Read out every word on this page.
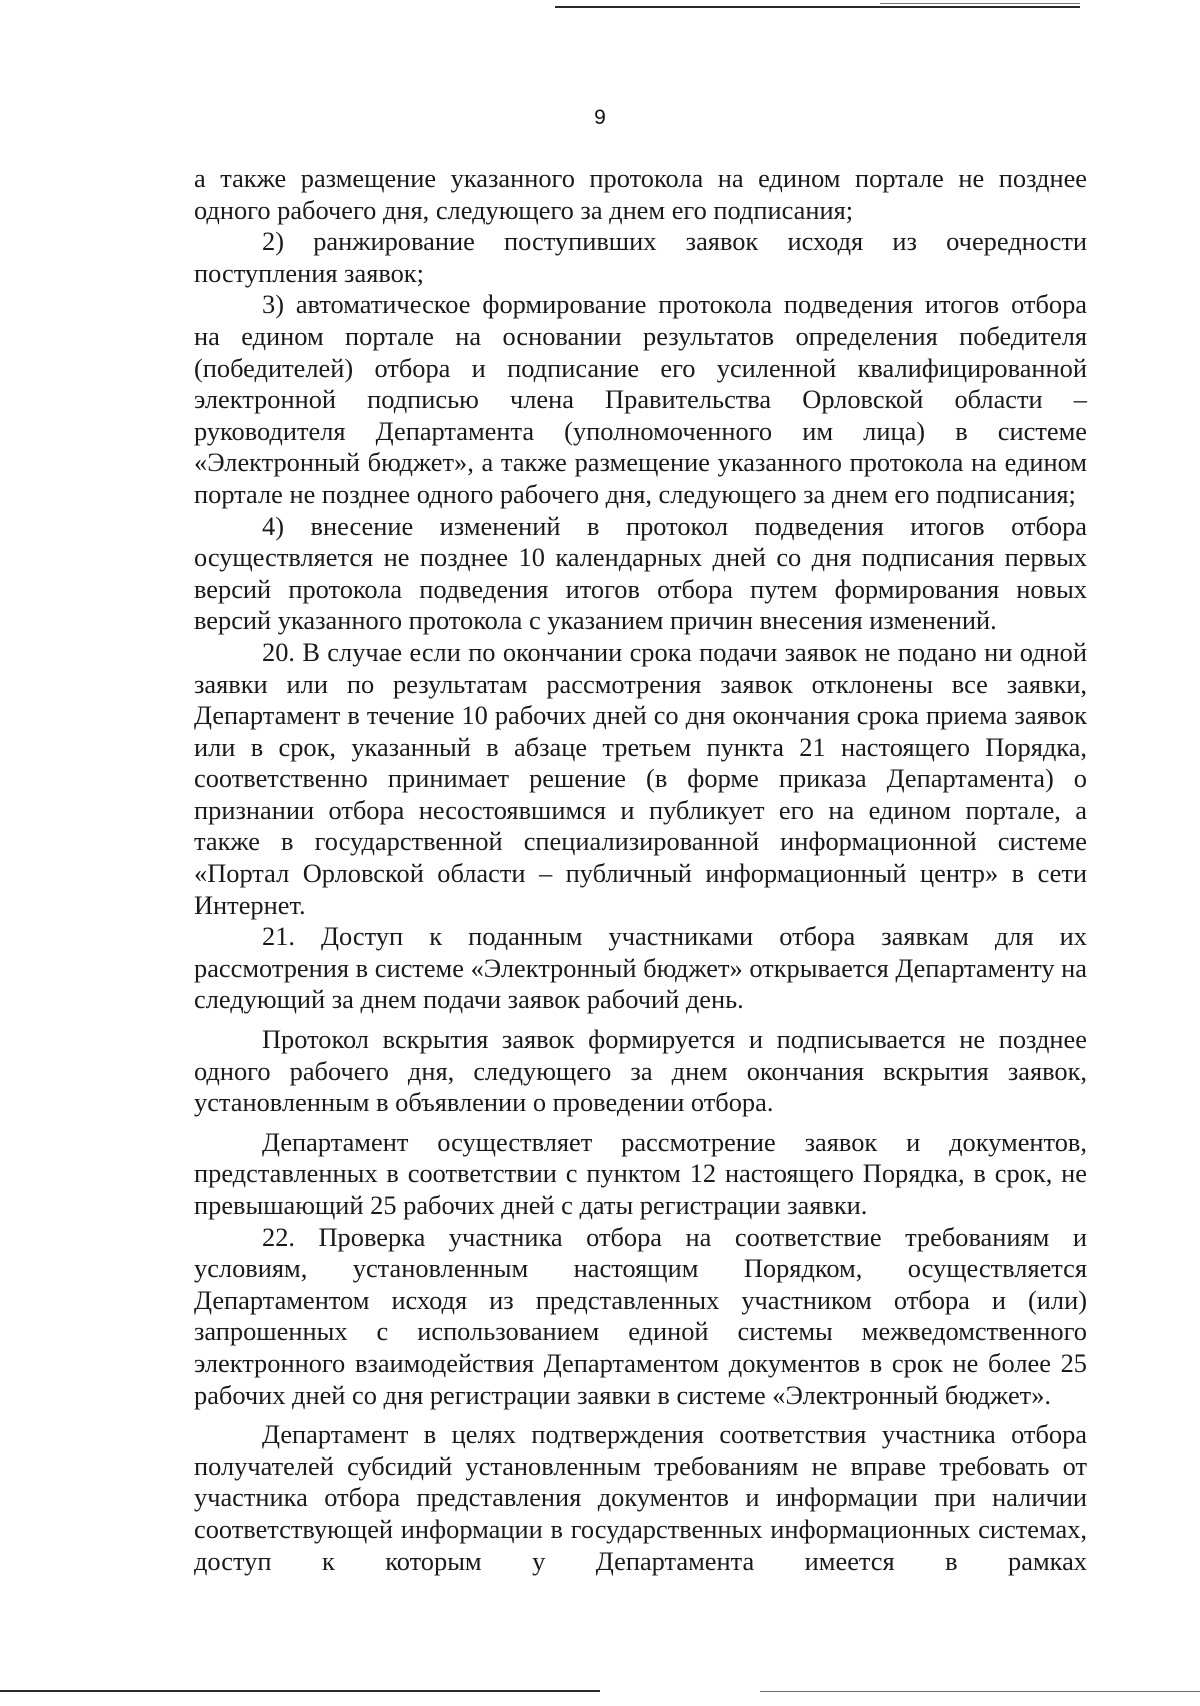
9

а также размещение указанного протокола на едином портале не позднее одного рабочего дня, следующего за днем его подписания;

2) ранжирование поступивших заявок исходя из очередности поступления заявок;

3) автоматическое формирование протокола подведения итогов отбора на едином портале на основании результатов определения победителя (победителей) отбора и подписание его усиленной квалифицированной электронной подписью члена Правительства Орловской области – руководителя Департамента (уполномоченного им лица) в системе «Электронный бюджет», а также размещение указанного протокола на едином портале не позднее одного рабочего дня, следующего за днем его подписания;

4) внесение изменений в протокол подведения итогов отбора осуществляется не позднее 10 календарных дней со дня подписания первых версий протокола подведения итогов отбора путем формирования новых версий указанного протокола с указанием причин внесения изменений.

20. В случае если по окончании срока подачи заявок не подано ни одной заявки или по результатам рассмотрения заявок отклонены все заявки, Департамент в течение 10 рабочих дней со дня окончания срока приема заявок или в срок, указанный в абзаце третьем пункта 21 настоящего Порядка, соответственно принимает решение (в форме приказа Департамента) о признании отбора несостоявшимся и публикует его на едином портале, а также в государственной специализированной информационной системе «Портал Орловской области – публичный информационный центр» в сети Интернет.

21. Доступ к поданным участниками отбора заявкам для их рассмотрения в системе «Электронный бюджет» открывается Департаменту на следующий за днем подачи заявок рабочий день.

Протокол вскрытия заявок формируется и подписывается не позднее одного рабочего дня, следующего за днем окончания вскрытия заявок, установленным в объявлении о проведении отбора.

Департамент осуществляет рассмотрение заявок и документов, представленных в соответствии с пунктом 12 настоящего Порядка, в срок, не превышающий 25 рабочих дней с даты регистрации заявки.

22. Проверка участника отбора на соответствие требованиям и условиям, установленным настоящим Порядком, осуществляется Департаментом исходя из представленных участником отбора и (или) запрошенных с использованием единой системы межведомственного электронного взаимодействия Департаментом документов в срок не более 25 рабочих дней со дня регистрации заявки в системе «Электронный бюджет».

Департамент в целях подтверждения соответствия участника отбора получателей субсидий установленным требованиям не вправе требовать от участника отбора представления документов и информации при наличии соответствующей информации в государственных информационных системах, доступ к которым у Департамента имеется в рамках
